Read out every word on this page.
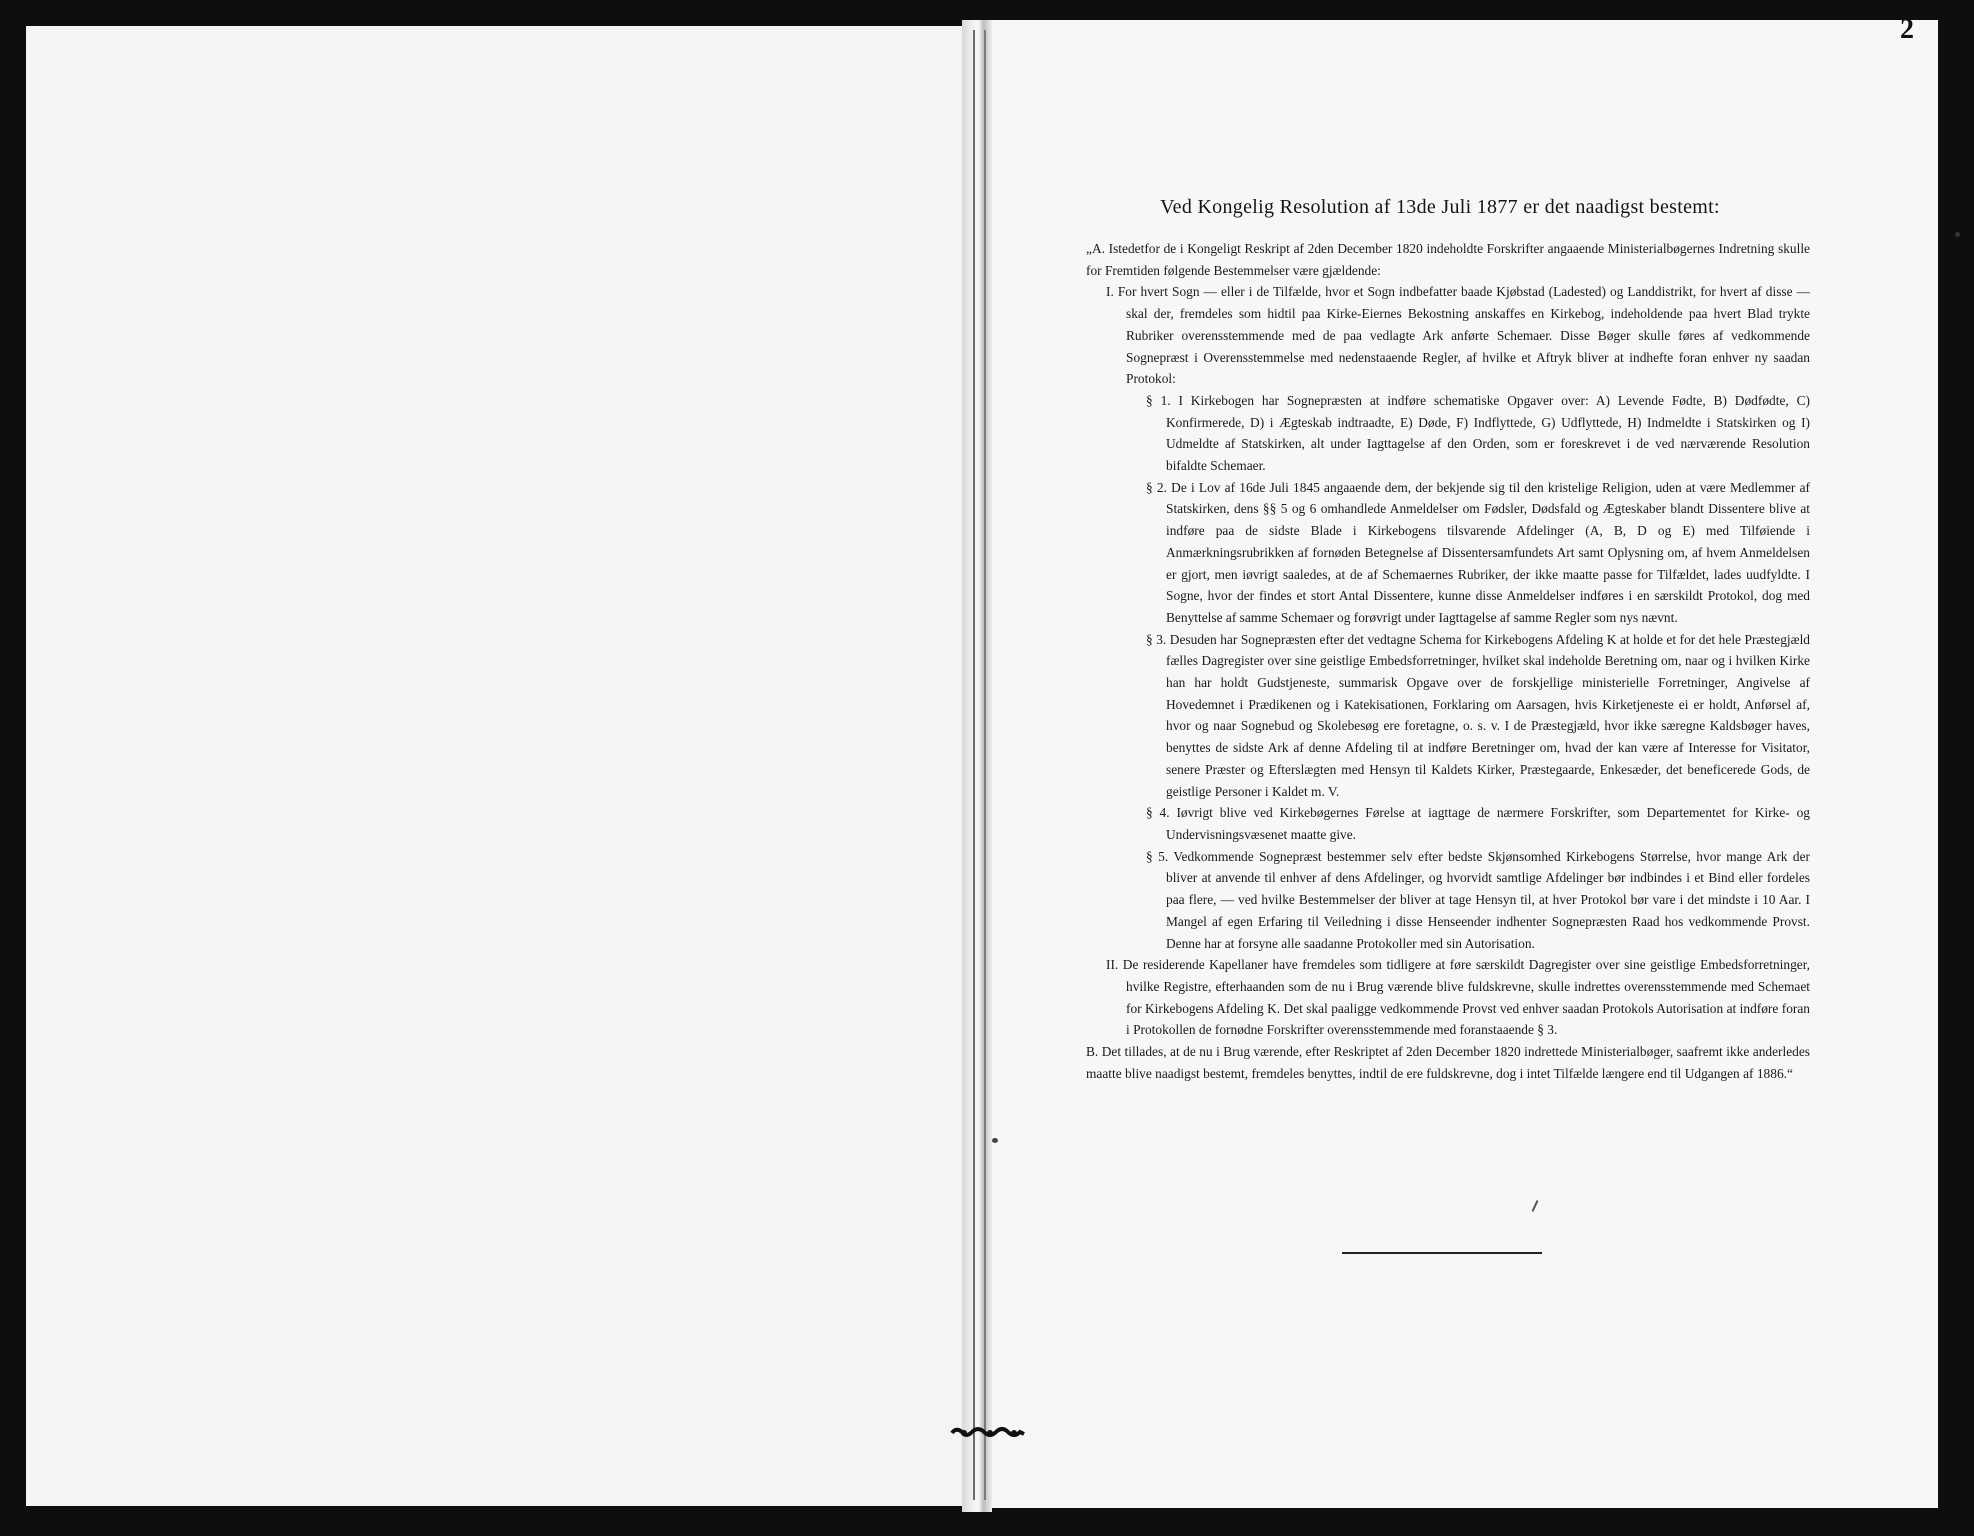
2
Ved Kongelig Resolution af 13de Juli 1877 er det naadigst bestemt:

„A. Istedetfor de i Kongeligt Reskript af 2den December 1820 indeholdte Forskrifter angaaende Ministerialbøgernes Indretning skulle for Fremtiden følgende Bestemmelser være gjældende:

I. For hvert Sogn — eller i de Tilfælde, hvor et Sogn indbefatter baade Kjøbstad (Ladested) og Landdistrikt, for hvert af disse — skal der, fremdeles som hidtil paa Kirke-Eiernes Bekostning anskaffes en Kirkebog, indeholdende paa hvert Blad trykte Rubriker overensstemmende med de paa vedlagte Ark anførte Schemaer. Disse Bøger skulle føres af vedkommende Sognepræst i Overensstemmelse med nedenstaaende Regler, af hvilke et Aftryk bliver at indhefte foran enhver ny saadan Protokol:

§ 1. I Kirkebogen har Sognepræsten at indføre schematiske Opgaver over: A) Levende Fødte, B) Dødfødte, C) Konfirmerede, D) i Ægteskab indtraadte, E) Døde, F) Indflyttede, G) Udflyttede, H) Indmeldte i Statskirken og I) Udmeldte af Statskirken, alt under Iagttagelse af den Orden, som er foreskrevet i de ved nærværende Resolution bifaldte Schemaer.

§ 2. De i Lov af 16de Juli 1845 angaaende dem, der bekjende sig til den kristelige Religion, uden at være Medlemmer af Statskirken, dens §§ 5 og 6 omhandlede Anmeldelser om Fødsler, Dødsfald og Ægteskaber blandt Dissentere blive at indføre paa de sidste Blade i Kirkebogens tilsvarende Afdelinger (A, B, D og E) med Tilføiende i Anmærkningsrubrikken af fornøden Betegnelse af Dissentersamfundets Art samt Oplysning om, af hvem Anmeldelsen er gjort, men iøvrigt saaledes, at de af Schemaernes Rubriker, der ikke maatte passe for Tilfældet, lades uudfyldte. I Sogne, hvor der findes et stort Antal Dissentere, kunne disse Anmeldelser indføres i en særskildt Protokol, dog med Benyttelse af samme Schemaer og forøvrigt under Iagttagelse af samme Regler som nys nævnt.

§ 3. Desuden har Sognepræsten efter det vedtagne Schema for Kirkebogens Afdeling K at holde et for det hele Præstegjæld fælles Dagregister over sine geistlige Embedsforretninger, hvilket skal indeholde Beretning om, naar og i hvilken Kirke han har holdt Gudstjeneste, summarisk Opgave over de forskjellige ministerielle Forretninger, Angivelse af Hovedemnet i Prædikenen og i Katekisationen, Forklaring om Aarsagen, hvis Kirketjeneste ei er holdt, Anførsel af, hvor og naar Sognebud og Skolebesøg ere foretagne, o. s. v. I de Præstegjæld, hvor ikke særegne Kaldsbøger haves, benyttes de sidste Ark af denne Afdeling til at indføre Beretninger om, hvad der kan være af Interesse for Visitator, senere Præster og Efterslægten med Hensyn til Kaldets Kirker, Præstegaarde, Enkesæder, det beneficerede Gods, de geistlige Personer i Kaldet m. V.

§ 4. Iøvrigt blive ved Kirkebøgernes Førelse at iagttage de nærmere Forskrifter, som Departementet for Kirke- og Undervisningsvæsenet maatte give.

§ 5. Vedkommende Sognepræst bestemmer selv efter bedste Skjønsomhed Kirkebogens Størrelse, hvor mange Ark der bliver at anvende til enhver af dens Afdelinger, og hvorvidt samtlige Afdelinger bør indbindes i et Bind eller fordeles paa flere, — ved hvilke Bestemmelser der bliver at tage Hensyn til, at hver Protokol bør vare i det mindste i 10 Aar. I Mangel af egen Erfaring til Veiledning i disse Henseender indhenter Sognepræsten Raad hos vedkommende Provst. Denne har at forsyne alle saadanne Protokoller med sin Autorisation.

II. De residerende Kapellaner have fremdeles som tidligere at føre særskildt Dagregister over sine geistlige Embedsforretninger, hvilke Registre, efterhaanden som de nu i Brug værende blive fuldskrevne, skulle indrettes overensstemmende med Schemaet for Kirkebogens Afdeling K. Det skal paaligge vedkommende Provst ved enhver saadan Protokols Autorisation at indføre foran i Protokollen de fornødne Forskrifter overensstemmende med foranstaaende § 3.

B. Det tillades, at de nu i Brug værende, efter Reskriptet af 2den December 1820 indrettede Ministerialbøger, saafremt ikke anderledes maatte blive naadigst bestemt, fremdeles benyttes, indtil de ere fuldskrevne, dog i intet Tilfælde længere end til Udgangen af 1886.“
